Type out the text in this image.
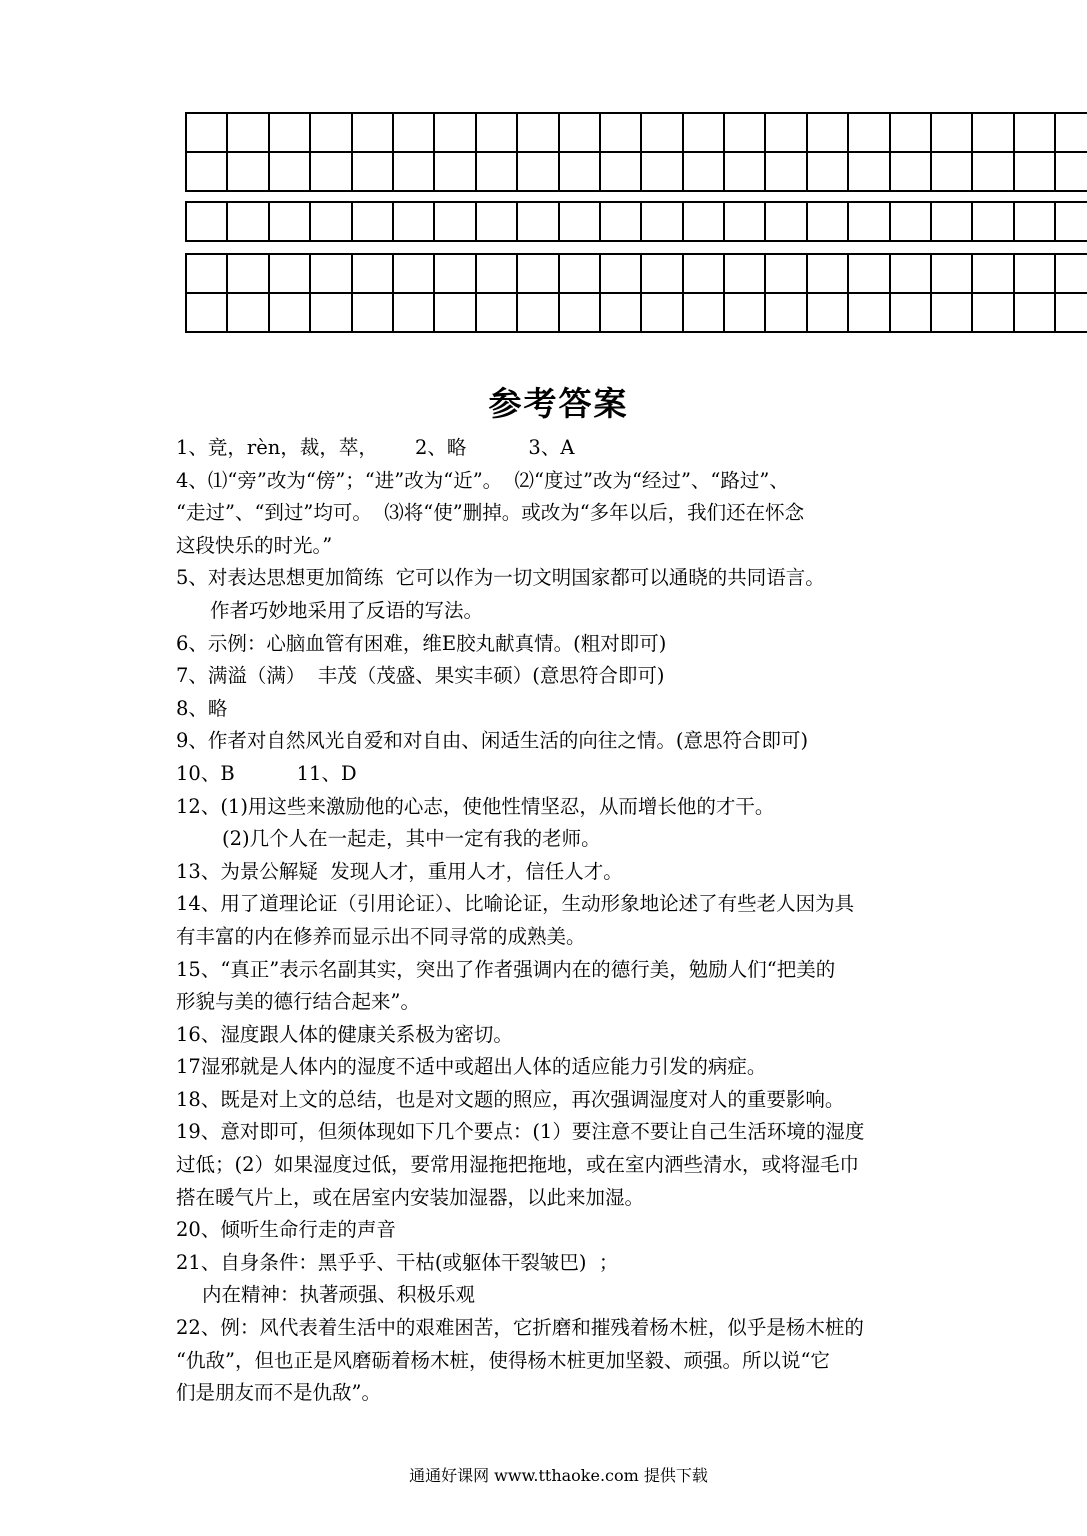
参考答案
1、竞，rèn，裁，萃，      2、略          3、A
4、⑴“旁”改为“傍”；“进”改为“近”。  ⑵“度过”改为“经过”、“路过”、
“走过”、“到过”均可。  ⑶将“使”删掉。或改为“多年以后，我们还在怀念
这段快乐的时光。”
5、对表达思想更加简练  它可以作为一切文明国家都可以通晓的共同语言。
作者巧妙地采用了反语的写法。
6、示例：心脑血管有困难，维E胶丸献真情。(粗对即可)
7、满溢（满）  丰茂（茂盛、果实丰硕）(意思符合即可)
8、略
9、作者对自然风光自爱和对自由、闲适生活的向往之情。(意思符合即可)
10、B          11、D
12、(1)用这些来激励他的心志，使他性情坚忍，从而增长他的才干。
(2)几个人在一起走，其中一定有我的老师。
13、为景公解疑  发现人才，重用人才，信任人才。
14、用了道理论证（引用论证）、比喻论证，生动形象地论述了有些老人因为具
有丰富的内在修养而显示出不同寻常的成熟美。
15、“真正”表示名副其实，突出了作者强调内在的德行美，勉励人们“把美的
形貌与美的德行结合起来”。
16、湿度跟人体的健康关系极为密切。
17湿邪就是人体内的湿度不适中或超出人体的适应能力引发的病症。
18、既是对上文的总结，也是对文题的照应，再次强调湿度对人的重要影响。
19、意对即可，但须体现如下几个要点：(1）要注意不要让自己生活环境的湿度
过低；(2）如果湿度过低，要常用湿拖把拖地，或在室内洒些清水，或将湿毛巾
搭在暖气片上，或在居室内安装加湿器，以此来加湿。
20、倾听生命行走的声音
21、自身条件：黑乎乎、干枯(或躯体干裂皱巴)  ；
内在精神：执著顽强、积极乐观
22、例：风代表着生活中的艰难困苦，它折磨和摧残着杨木桩，似乎是杨木桩的
“仇敌”，但也正是风磨砺着杨木桩，使得杨木桩更加坚毅、顽强。所以说“它
们是朋友而不是仇敌”。
通通好课网 www.tthaoke.com 提供下载
